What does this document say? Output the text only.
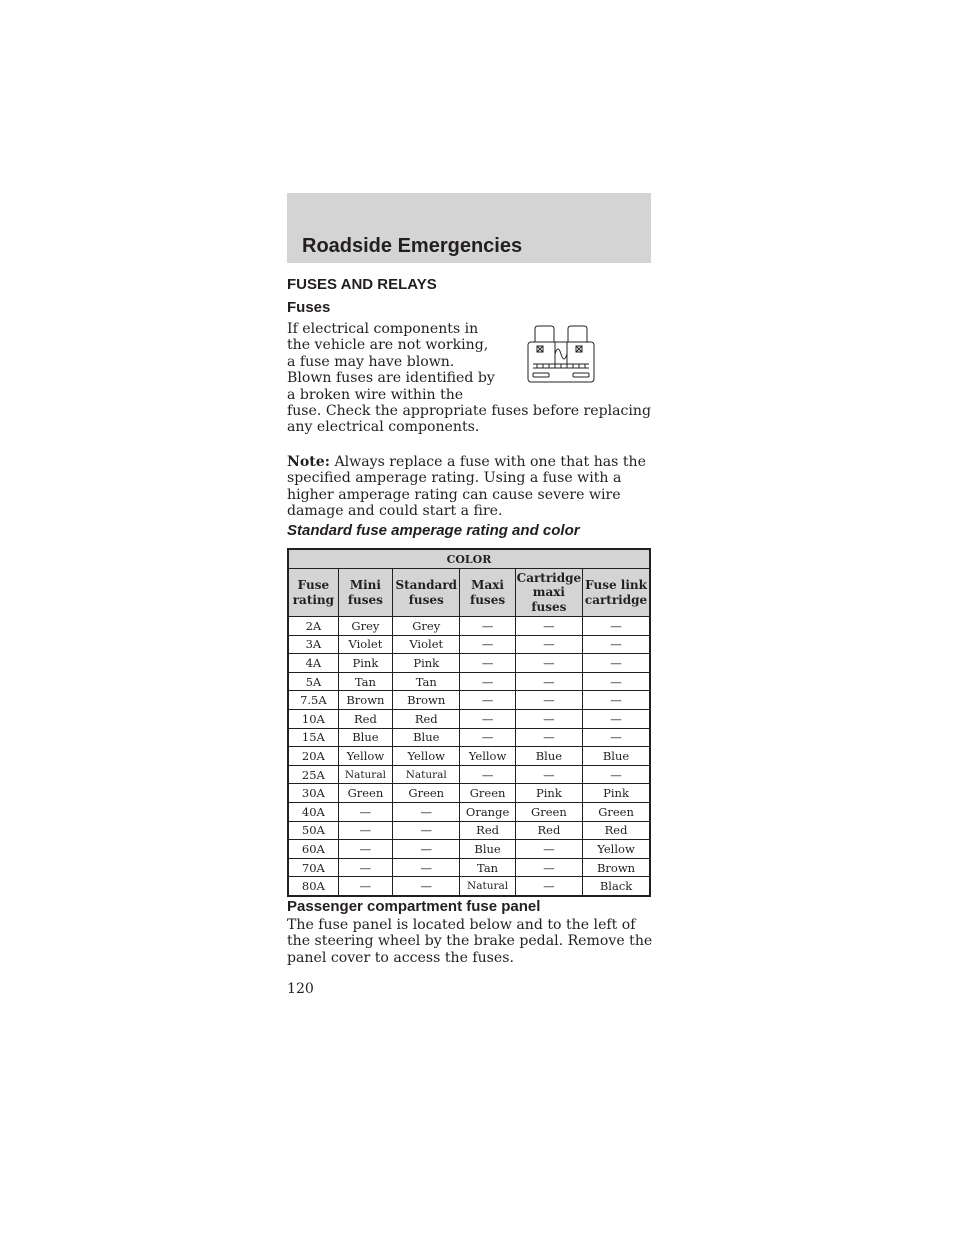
Roadside Emergencies
FUSES AND RELAYS
Fuses

If electrical components in the vehicle are not working, a fuse may have blown. Blown fuses are identified by a broken wire within the fuse. Check the appropriate fuses before replacing any electrical components.

Note: Always replace a fuse with one that has the specified amperage rating. Using a fuse with a higher amperage rating can cause severe wire damage and could start a fire.

Standard fuse amperage rating and color
COLOR					
Fuse rating	Mini fuses	Standard fuses	Maxi fuses	Cartridge maxi fuses	Fuse link cartridge
2A	Grey	Grey	—	—	—
3A	Violet	Violet	—	—	—
4A	Pink	Pink	—	—	—
5A	Tan	Tan	—	—	—
7.5A	Brown	Brown	—	—	—
10A	Red	Red	—	—	—
15A	Blue	Blue	—	—	—
20A	Yellow	Yellow	Yellow	Blue	Blue
25A	Natural	Natural	—	—	—
30A	Green	Green	Green	Pink	Pink
40A	—	—	Orange	Green	Green
50A	—	—	Red	Red	Red
60A	—	—	Blue	—	Yellow
70A	—	—	Tan	—	Brown
80A	—	—	Natural	—	Black
Passenger compartment fuse panel

The fuse panel is located below and to the left of the steering wheel by the brake pedal. Remove the panel cover to access the fuses.

120
